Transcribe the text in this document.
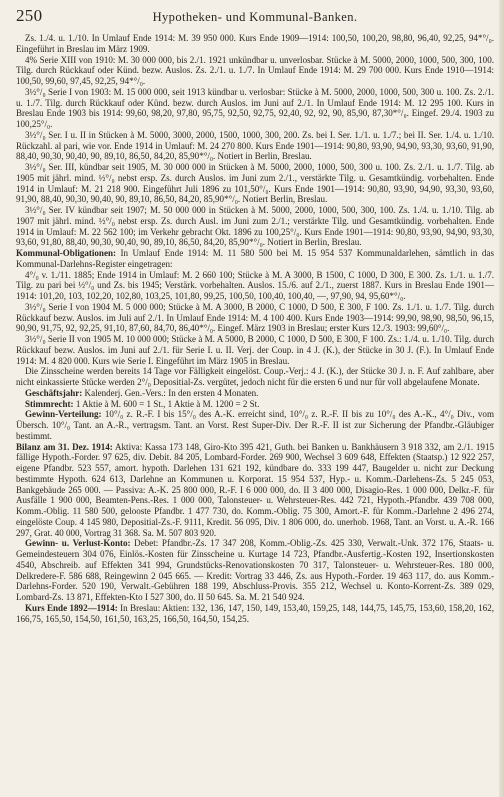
250	Hypotheken- und Kommunal-Banken.

Zs. 1./4. u. 1./10. In Umlauf Ende 1914: M. 39 950 000. Kurs Ende 1909—1914: 100,50, 100,20, 98,80, 96,40, 92,25, 94*°/₀. Eingeführt in Breslau im März 1909.

4% Serie XIII von 1910: M. 30 000 000, bis 2./1. 1921 unkündbar u. unverlosbar. Stücke à M. 5000, 2000, 1000, 500, 300, 100. Tilg. durch Rückkauf oder Künd. bezw. Auslos. Zs. 2./1. u. 1./7. In Umlauf Ende 1914: M. 29 700 000. Kurs Ende 1910—1914: 100,50, 99,60, 97,45, 92,25, 94*°/₀.

3½°/₀ Serie I von 1903: M. 15 000 000, seit 1913 kündbar u. verlosbar: Stücke à M. 5000, 2000, 1000, 500, 300 u. 100. Zs. 2./1. u. 1./7. Tilg. durch Rückkauf oder Künd. bezw. durch Auslos. im Juni auf 2./1. In Umlauf Ende 1914: M. 12 295 100. Kurs in Breslau Ende 1903 bis 1914: 99,60, 98,20, 97,80, 95,75, 92,50, 92,75, 92,40, 92, 92, 90, 85,90, 87,30*°/₀. Eingef. 29./4. 1903 zu 100,25°/₀.

3½°/₀ Ser. I u. II in Stücken à M. 5000, 3000, 2000, 1500, 1000, 300, 200. Zs. bei I. Ser. 1./1. u. 1./7.; bei II. Ser. 1./4. u. 1./10. Rückzahl. al pari, wie vor. Ende 1914 in Umlauf: M. 24 270 800. Kurs Ende 1901—1914: 90,80, 93,90, 94,90, 93,30, 93,60, 91,90, 88,40, 90,30, 90,40, 90, 89,10, 86,50, 84,20, 85,90*°/₀. Notiert in Berlin, Breslau.

3½°/₀ Ser. III, kündbar seit 1905, M. 30 000 000 in Stücken à M. 5000, 2000, 1000, 500, 300 u. 100. Zs. 2./1. u. 1./7. Tilg. ab 1905 mit jährl. mind. ½°/₀ nebst ersp. Zs. durch Auslos. im Juni zum 2./1., verstärkte Tilg. u. Gesamtkündig. vorbehalten. Ende 1914 in Umlauf: M. 21 218 900. Eingeführt Juli 1896 zu 101,50°/₀. Kurs Ende 1901—1914: 90,80, 93,90, 94,90, 93,30, 93,60, 91,90, 88,40, 90,30, 90,40, 90, 89,10, 86,50, 84,20, 85,90*°/₀. Notiert Berlin, Breslau.

3½°/₀ Ser. IV kündbar seit 1907; M. 50 000 000 in Stücken à M. 5000, 2000, 1000, 500, 300, 100. Zs. 1./4. u. 1./10. Tilg. ab 1907 mit jährl. mind. ½°/₀ nebst ersp. Zs. durch Ausl. im Juni zum 2./1.; verstärkte Tilg. und Gesamtkündig. vorbehalten. Ende 1914 in Umlauf: M. 22 562 100; im Verkehr gebracht Okt. 1896 zu 100,25°/₀. Kurs Ende 1901—1914: 90,80, 93,90, 94,90, 93,30, 93,60, 91,80, 88,40, 90,30, 90,40, 90, 89,10, 86,50, 84,20, 85,90*°/₀. Notiert in Berlin, Breslau.

Kommunal-Obligationen: In Umlauf Ende 1914: M. 11 580 500 bei M. 15 954 537 Kommunaldarlehen, sämtlich in das Kommunal-Darlehns-Register eingetragen:

4°/₀ v. 1./11. 1885; Ende 1914 in Umlauf: M. 2 660 100; Stücke à M. A 3000, B 1500, C 1000, D 300, E 300. Zs. 1./1. u. 1./7. Tilg. zu pari bei ½°/₀ und Zs. bis 1945; Verstärk. vorbehalten. Auslos. 15./6. auf 2./1., zuerst 1887. Kurs in Breslau Ende 1901—1914: 101,20, 103, 102,20, 102,80, 103,25, 101,80, 99,25, 100,50, 100,40, 100,40, —, 97,90, 94, 95,60*°/₀.

3½°/₀ Serie I von 1904 M. 5 000 000; Stücke à M. A 3000, B 2000, C 1000, D 500, E 300, F 100. Zs. 1./1. u. 1./7. Tilg. durch Rückkauf bezw. Auslos. im Juli auf 2./1. In Umlauf Ende 1914: M. 4 100 400. Kurs Ende 1903—1914: 99,90, 98,90, 98,50, 96,15, 90,90, 91,75, 92, 92,25, 91,10, 87,60, 84,70, 86,40*°/₀. Eingef. März 1903 in Breslau; erster Kurs 12./3. 1903: 99,60°/₀.

3½°/₀ Serie II von 1905 M. 10 000 000; Stücke à M. A 5000, B 2000, C 1000, D 500, E 300, F 100. Zs.: 1./4. u. 1./10. Tilg. durch Rückkauf bezw. Auslos. im Juni auf 2./1. für Serie I. u. II. Verj. der Coup. in 4 J. (K.), der Stücke in 30 J. (F.). In Umlauf Ende 1914: M. 4 820 000. Kurs wie Serie I. Eingeführt im März 1905 in Breslau.

Die Zinsscheine werden bereits 14 Tage vor Fälligkeit eingelöst. Coup.-Verj.: 4 J. (K.), der Stücke 30 J. n. F. Auf zahlbare, aber nicht einkassierte Stücke werden 2°/₀ Depositial-Zs. vergütet, jedoch nicht für die ersten 6 und nur für voll abgelaufene Monate.

Geschäftsjahr: Kalenderj. Gen.-Vers.: In den ersten 4 Monaten.

Stimmrecht: 1 Aktie à M. 600 = 1 St., 1 Aktie à M. 1200 = 2 St.

Gewinn-Verteilung: 10°/₀ z. R.-F. I bis 15°/₀ des A.-K. erreicht sind, 10°/₀ z. R.-F. II bis zu 10°/₀ des A.-K., 4°/₀ Div., vom Übersch. 10°/₀ Tant. an A.-R., vertragsm. Tant. an Vorst. Rest Super-Div. Der R.-F. II ist zur Sicherung der Pfandbr.-Gläubiger bestimmt.

Bilanz am 31. Dez. 1914: Aktiva: Kassa 173 148, Giro-Kto 395 421, Guth. bei Banken u. Bankhäusern 3 918 332, am 2./1. 1915 fällige Hypoth.-Forder. 97 625, div. Debit. 84 205, Lombard-Forder. 269 900, Wechsel 3 609 648, Effekten (Staatsp.) 12 922 257, eigene Pfandbr. 523 557, amort. hypoth. Darlehen 131 621 192, kündbare do. 333 199 447, Baugelder u. nicht zur Deckung bestimmte Hypoth. 624 613, Darlehne an Kommunen u. Korporat. 15 954 537, Hyp.- u. Komm.-Darlehens-Zs. 5 245 053, Bankgebäude 265 000. — Passiva: A.-K. 25 800 000, R.-F. I 6 000 000, do. II 3 400 000, Disagio-Res. 1 000 000, Delkr.-F. für Ausfälle 1 900 000, Beamten-Pens.-Res. 1 000 000, Talonsteuer- u. Wehrsteuer-Res. 442 721, Hypoth.-Pfandbr. 439 708 000, Komm.-Oblig. 11 580 500, gelooste Pfandbr. 1 477 730, do. Komm.-Oblig. 75 300, Amort.-F. für Komm.-Darlehne 2 496 274, eingelöste Coup. 4 145 980, Depositial-Zs.-F. 9111, Kredit. 56 095, Div. 1 806 000, do. unerhob. 1968, Tant. an Vorst. u. A.-R. 166 297, Grat. 40 000, Vortrag 31 368. Sa. M. 507 803 920.

Gewinn- u. Verlust-Konto: Debet: Pfandbr.-Zs. 17 347 208, Komm.-Oblig.-Zs. 425 330, Verwalt.-Unk. 372 176, Staats- u. Gemeindesteuern 304 076, Einlös.-Kosten für Zinsscheine u. Kurtage 14 723, Pfandbr.-Ausfertig.-Kosten 192, Insertionskosten 4540, Abschreib. auf Effekten 341 994, Grundstücks-Renovationskosten 70 317, Talonsteuer- u. Wehrsteuer-Res. 180 000, Delkredere-F. 586 688, Reingewinn 2 045 665. — Kredit: Vortrag 33 446, Zs. aus Hypoth.-Forder. 19 463 117, do. aus Komm.-Darlehns-Forder. 520 190, Verwalt.-Gebühren 188 199, Abschluss-Provis. 355 212, Wechsel u. Konto-Korrent-Zs. 389 029, Lombard-Zs. 13 871, Effekten-Kto I 527 300, do. II 50 645. Sa. M. 21 540 924.

Kurs Ende 1892—1914: In Breslau: Aktien: 132, 136, 147, 150, 149, 153,40, 159,25, 148, 144,75, 145,75, 153,60, 158,20, 162, 166,75, 165,50, 154,50, 161,50, 163,25, 166,50, 164,50, 154,25.
